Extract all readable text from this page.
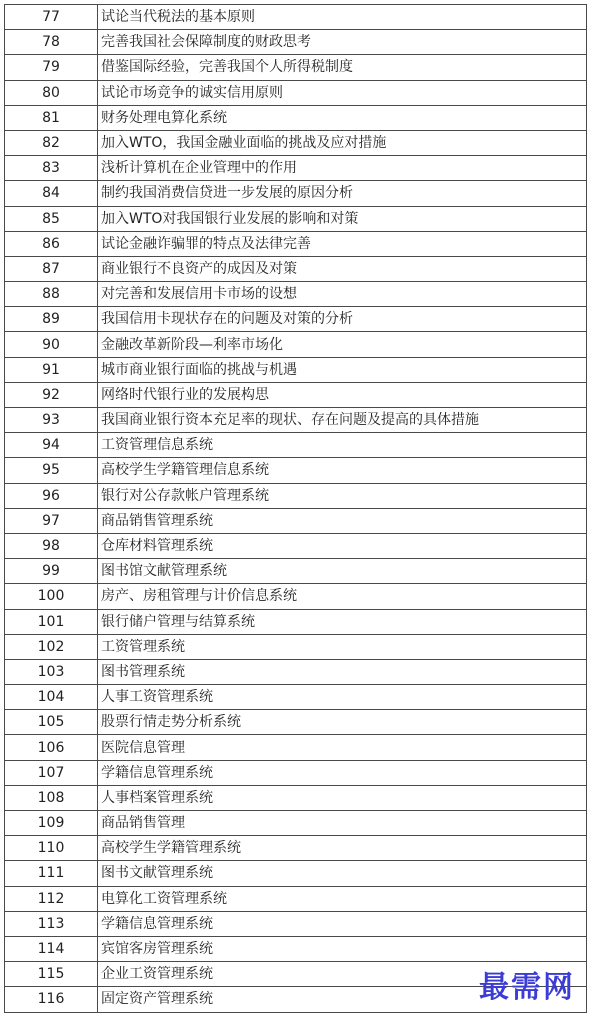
77	试论当代税法的基本原则
78	完善我国社会保障制度的财政思考
79	借鉴国际经验，完善我国个人所得税制度
80	试论市场竞争的诚实信用原则
81	财务处理电算化系统
82	加入WTO，我国金融业面临的挑战及应对措施
83	浅析计算机在企业管理中的作用
84	制约我国消费信贷进一步发展的原因分析
85	加入WTO对我国银行业发展的影响和对策
86	试论金融诈骗罪的特点及法律完善
87	商业银行不良资产的成因及对策
88	对完善和发展信用卡市场的设想
89	我国信用卡现状存在的问题及对策的分析
90	金融改革新阶段—利率市场化
91	城市商业银行面临的挑战与机遇
92	网络时代银行业的发展构思
93	我国商业银行资本充足率的现状、存在问题及提高的具体措施
94	工资管理信息系统
95	高校学生学籍管理信息系统
96	银行对公存款帐户管理系统
97	商品销售管理系统
98	仓库材料管理系统
99	图书馆文献管理系统
100	房产、房租管理与计价信息系统
101	银行储户管理与结算系统
102	工资管理系统
103	图书管理系统
104	人事工资管理系统
105	股票行情走势分析系统
106	医院信息管理
107	学籍信息管理系统
108	人事档案管理系统
109	商品销售管理
110	高校学生学籍管理系统
111	图书文献管理系统
112	电算化工资管理系统
113	学籍信息管理系统
114	宾馆客房管理系统
115	企业工资管理系统
116	固定资产管理系统	最需网
